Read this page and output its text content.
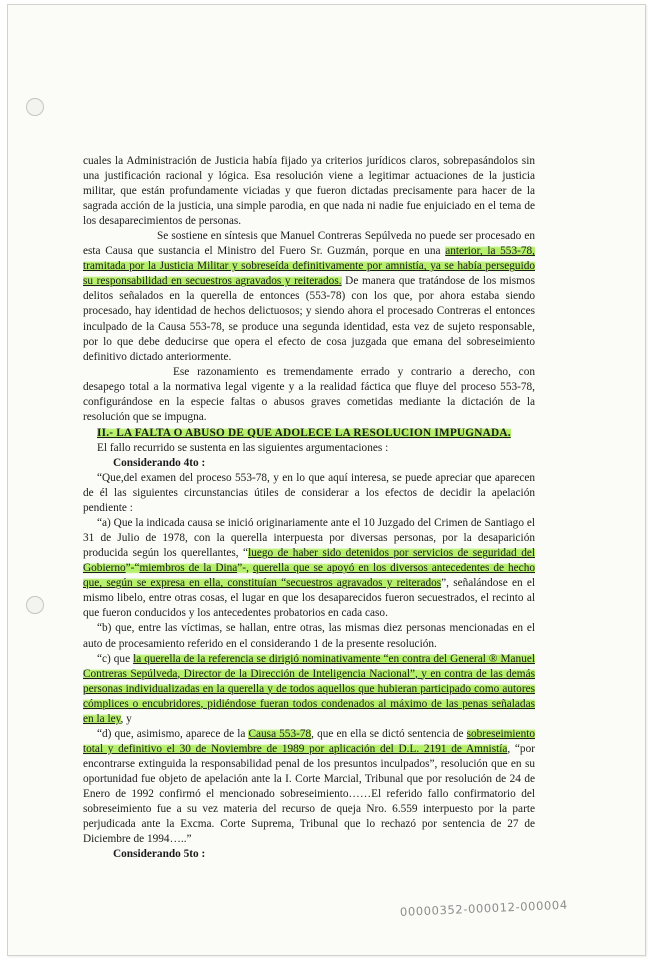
cuales la Administración de Justicia había fijado ya criterios jurídicos claros, sobrepasándolos sin una justificación racional y lógica. Esa resolución viene a legitimar actuaciones de la justicia militar, que están profundamente viciadas y que fueron dictadas precisamente para hacer de la sagrada acción de la justicia, una simple parodia, en que nada ni nadie fue enjuiciado en el tema de los desaparecimientos de personas.

Se sostiene en síntesis que Manuel Contreras Sepúlveda no puede ser procesado en esta Causa que sustancia el Ministro del Fuero Sr. Guzmán, porque en una anterior, la 553-78, tramitada por la Justicia Militar y sobreseída definitivamente por amnistía, ya se había perseguido su responsabilidad en secuestros agravados y reiterados. De manera que tratándose de los mismos delitos señalados en la querella de entonces (553-78) con los que, por ahora estaba siendo procesado, hay identidad de hechos delictuosos; y siendo ahora el procesado Contreras el entonces inculpado de la Causa 553-78, se produce una segunda identidad, esta vez de sujeto responsable, por lo que debe deducirse que opera el efecto de cosa juzgada que emana del sobreseimiento definitivo dictado anteriormente.

Ese razonamiento es tremendamente errado y contrario a derecho, con desapego total a la normativa legal vigente y a la realidad fáctica que fluye del proceso 553-78, configurándose en la especie faltas o abusos graves cometidas mediante la dictación de la resolución que se impugna.

II.- LA FALTA O ABUSO DE QUE ADOLECE LA RESOLUCION IMPUGNADA.

El fallo recurrido se sustenta en las siguientes argumentaciones :

Considerando 4to :

“Que,del examen del proceso 553-78, y en lo que aquí interesa, se puede apreciar que aparecen de él las siguientes circunstancias útiles de considerar a los efectos de decidir la apelación pendiente :

“a) Que la indicada causa se inició originariamente ante el 10 Juzgado del Crimen de Santiago el 31 de Julio de 1978, con la querella interpuesta por diversas personas, por la desaparición producida según los querellantes, “luego de haber sido detenidos por servicios de seguridad del Gobierno”-“miembros de la Dina”-, querella que se apoyó en los diversos antecedentes de hecho que, según se expresa en ella, constituían “secuestros agravados y reiterados”, señalándose en el mismo libelo, entre otras cosas, el lugar en que los desaparecidos fueron secuestrados, el recinto al que fueron conducidos y los antecedentes probatorios en cada caso.

“b) que, entre las víctimas, se hallan, entre otras, las mismas diez personas mencionadas en el auto de procesamiento referido en el considerando 1 de la presente resolución.

“c) que la querella de la referencia se dirigió nominativamente “en contra del General ® Manuel Contreras Sepúlveda, Director de la Dirección de Inteligencia Nacional”, y en contra de las demás personas individualizadas en la querella y de todos aquellos que hubieran participado como autores cómplices o encubridores, pidiéndose fueran todos condenados al máximo de las penas señaladas en la ley, y

“d) que, asimismo, aparece de la Causa 553-78, que en ella se dictó sentencia de sobreseimiento total y definitivo el 30 de Noviembre de 1989 por aplicación del D.L. 2191 de Amnistía, “por encontrarse extinguida la responsabilidad penal de los presuntos inculpados”, resolución que en su oportunidad fue objeto de apelación ante la I. Corte Marcial, Tribunal que por resolución de 24 de Enero de 1992 confirmó el mencionado sobreseimiento……El referido fallo confirmatorio del sobreseimiento fue a su vez materia del recurso de queja Nro. 6.559 interpuesto por la parte perjudicada ante la Excma. Corte Suprema, Tribunal que lo rechazó por sentencia de 27 de Diciembre de 1994…..”

Considerando 5to :

00000352-000012-000004
